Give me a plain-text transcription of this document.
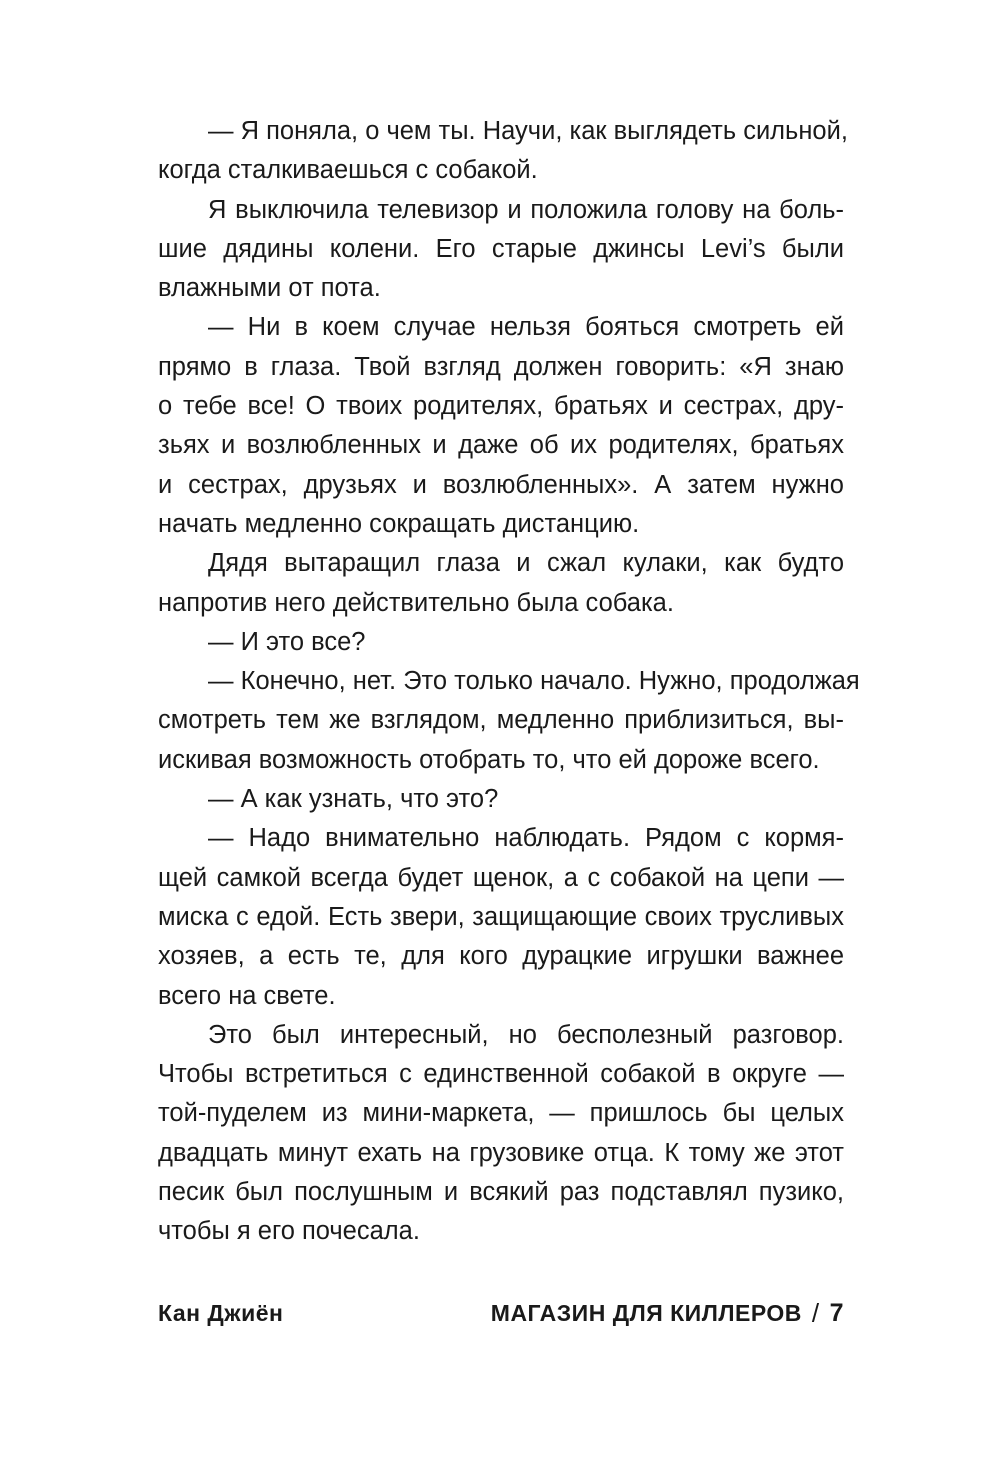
— Я поняла, о чем ты. Научи, как выглядеть сильной,
когда сталкиваешься с собакой.
Я выключила телевизор и положила голову на боль-
шие дядины колени. Его старые джинсы Levi’s были
влажными от пота.
— Ни в коем случае нельзя бояться смотреть ей
прямо в глаза. Твой взгляд должен говорить: «Я знаю
о тебе все! О твоих родителях, братьях и сестрах, дру-
зьях и возлюбленных и даже об их родителях, братьях
и сестрах, друзьях и возлюбленных». А затем нужно
начать медленно сокращать дистанцию.
Дядя вытаращил глаза и сжал кулаки, как будто
напротив него действительно была собака.
— И это все?
— Конечно, нет. Это только начало. Нужно, продолжая
смотреть тем же взглядом, медленно приблизиться, вы-
искивая возможность отобрать то, что ей дороже всего.
— А как узнать, что это?
— Надо внимательно наблюдать. Рядом с кормя-
щей самкой всегда будет щенок, а с собакой на цепи —
миска с едой. Есть звери, защищающие своих трусливых
хозяев, а есть те, для кого дурацкие игрушки важнее
всего на свете.
Это был интересный, но бесполезный разговор.
Чтобы встретиться с единственной собакой в округе —
той-пуделем из мини-маркета, — пришлось бы целых
двадцать минут ехать на грузовике отца. К тому же этот
песик был послушным и всякий раз подставлял пузико,
чтобы я его почесала.
Кан Джиён	МАГАЗИН ДЛЯ КИЛЛЕРОВ / 7
